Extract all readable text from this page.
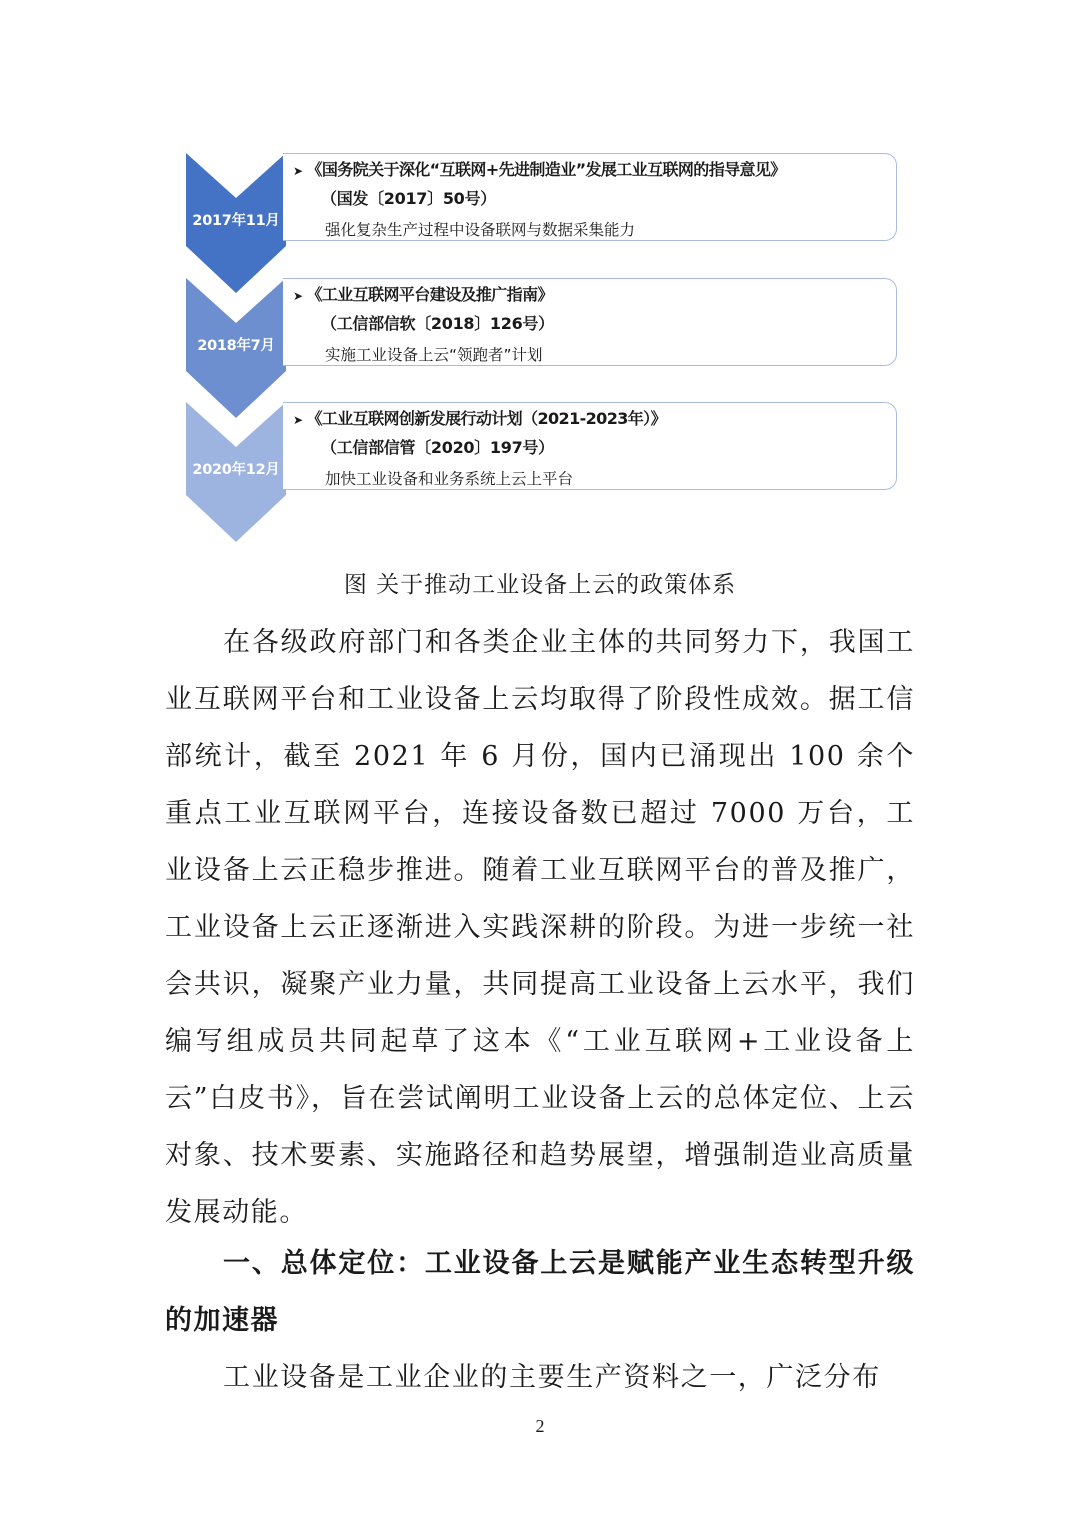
2017年11月
➤ 《国务院关于深化“互联网+先进制造业”发展工业互联网的指导意见》
（国发〔2017〕50号）
强化复杂生产过程中设备联网与数据采集能力
2018年7月
➤ 《工业互联网平台建设及推广指南》
（工信部信软〔2018〕126号）
实施工业设备上云“领跑者”计划
2020年12月
➤ 《工业互联网创新发展行动计划（2021-2023年）》
（工信部信管〔2020〕197号）
加快工业设备和业务系统上云上平台
图 关于推动工业设备上云的政策体系

在各级政府部门和各类企业主体的共同努力下，我国工业互联网平台和工业设备上云均取得了阶段性成效。据工信部统计，截至 2021 年 6 月份，国内已涌现出 100 余个重点工业互联网平台，连接设备数已超过 7000 万台，工业设备上云正稳步推进。随着工业互联网平台的普及推广，工业设备上云正逐渐进入实践深耕的阶段。为进一步统一社会共识，凝聚产业力量，共同提高工业设备上云水平，我们编写组成员共同起草了这本《“工业互联网+工业设备上云”白皮书》，旨在尝试阐明工业设备上云的总体定位、上云对象、技术要素、实施路径和趋势展望，增强制造业高质量发展动能。

一、总体定位：工业设备上云是赋能产业生态转型升级的加速器

工业设备是工业企业的主要生产资料之一，广泛分布

2
